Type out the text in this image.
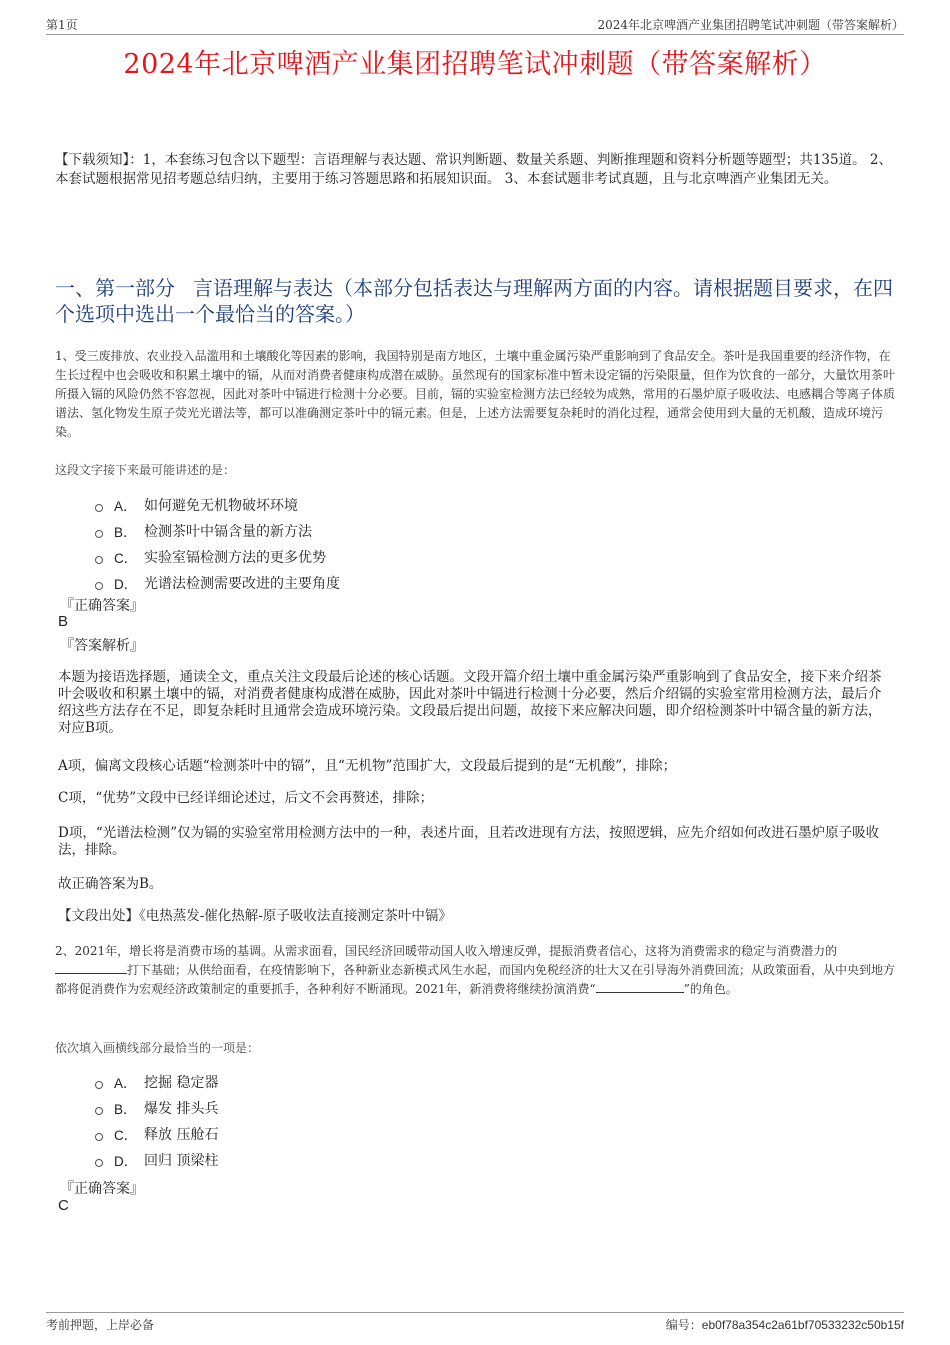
第1页	2024年北京啤酒产业集团招聘笔试冲刺题（带答案解析）
2024年北京啤酒产业集团招聘笔试冲刺题（带答案解析）

【下载须知】：1，本套练习包含以下题型：言语理解与表达题、常识判断题、数量关系题、判断推理题和资料分析题等题型；共135道。 2、本套试题根据常见招考题总结归纳，主要用于练习答题思路和拓展知识面。 3、本套试题非考试真题，且与北京啤酒产业集团无关。

一、第一部分 言语理解与表达（本部分包括表达与理解两方面的内容。请根据题目要求，在四个选项中选出一个最恰当的答案。）

1、受三废排放、农业投入品滥用和土壤酸化等因素的影响，我国特别是南方地区，土壤中重金属污染严重影响到了食品安全。茶叶是我国重要的经济作物，在生长过程中也会吸收和积累土壤中的镉，从而对消费者健康构成潜在威胁。虽然现有的国家标准中暂未设定镉的污染限量，但作为饮食的一部分，大量饮用茶叶所摄入镉的风险仍然不容忽视，因此对茶叶中镉进行检测十分必要。目前，镉的实验室检测方法已经较为成熟，常用的石墨炉原子吸收法、电感耦合等离子体质谱法、氢化物发生原子荧光光谱法等，都可以准确测定茶叶中的镉元素。但是，上述方法需要复杂耗时的消化过程，通常会使用到大量的无机酸，造成环境污染。

这段文字接下来最可能讲述的是：

A． 如何避免无机物破坏环境
B． 检测茶叶中镉含量的新方法
C． 实验室镉检测方法的更多优势
D． 光谱法检测需要改进的主要角度

『正确答案』

B

『答案解析』

本题为接语选择题，通读全文，重点关注文段最后论述的核心话题。文段开篇介绍土壤中重金属污染严重影响到了食品安全，接下来介绍茶叶会吸收和积累土壤中的镉，对消费者健康构成潜在威胁，因此对茶叶中镉进行检测十分必要，然后介绍镉的实验室常用检测方法，最后介绍这些方法存在不足，即复杂耗时且通常会造成环境污染。文段最后提出问题，故接下来应解决问题，即介绍检测茶叶中镉含量的新方法，对应B项。

A项，偏离文段核心话题“检测茶叶中的镉”，且“无机物”范围扩大，文段最后提到的是“无机酸”，排除；

C项，“优势”文段中已经详细论述过，后文不会再赘述，排除；

D项，“光谱法检测”仅为镉的实验室常用检测方法中的一种，表述片面，且若改进现有方法，按照逻辑，应先介绍如何改进石墨炉原子吸收法，排除。

故正确答案为B。

【文段出处】《电热蒸发-催化热解-原子吸收法直接测定茶叶中镉》

2、2021年，增长将是消费市场的基调。从需求面看，国民经济回暖带动国人收入增速反弹，提振消费者信心，这将为消费需求的稳定与消费潜力的打下基础；从供给面看，在疫情影响下，各种新业态新模式风生水起，而国内免税经济的壮大又在引导海外消费回流；从政策面看，从中央到地方都将促消费作为宏观经济政策制定的重要抓手，各种利好不断涌现。2021年，新消费将继续扮演消费“	”的角色。

依次填入画横线部分最恰当的一项是：

A． 挖掘 稳定器
B． 爆发 排头兵
C． 释放 压舱石
D． 回归 顶梁柱

『正确答案』

C

考前押题，上岸必备	编号：eb0f78a354c2a61bf70533232c50b15f
